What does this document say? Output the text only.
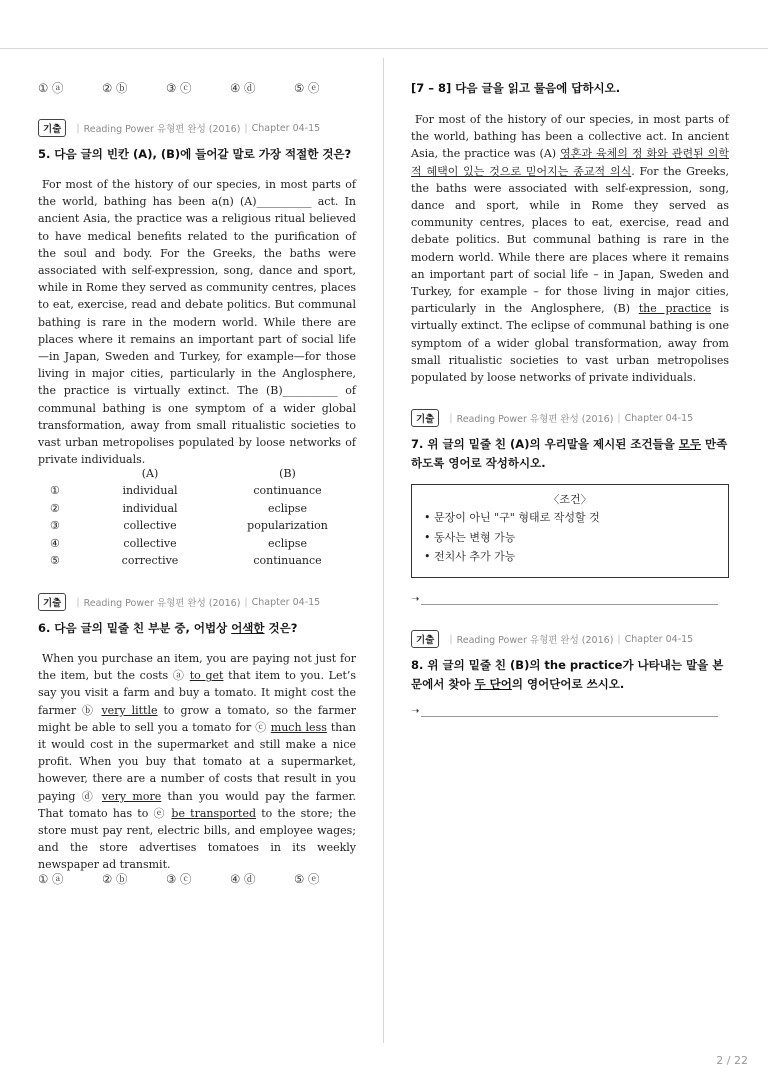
① ⓐ	② ⓑ	③ ⓒ	④ ⓓ	⑤ ⓔ
기출	| Reading Power 유형편 완성 (2016) | Chapter 04-15
5. 다음 글의 빈칸 (A), (B)에 들어갈 말로 가장 적절한 것은?
For most of the history of our species, in most parts of the world, bathing has been a(n) (A)__________ act. In ancient Asia, the practice was a religious ritual believed to have medical benefits related to the purification of the soul and body. For the Greeks, the baths were associated with self-expression, song, dance and sport, while in Rome they served as community centres, places to eat, exercise, read and debate politics. But communal bathing is rare in the modern world. While there are places where it remains an important part of social life—in Japan, Sweden and Turkey, for example—for those living in major cities, particularly in the Anglosphere, the practice is virtually extinct. The (B)__________ of communal bathing is one symptom of a wider global transformation, away from small ritualistic societies to vast urban metropolises populated by loose networks of private individuals.
(A)	(B)
①	individual	continuance
②	individual	eclipse
③	collective	popularization
④	collective	eclipse
⑤	corrective	continuance
기출	| Reading Power 유형편 완성 (2016) | Chapter 04-15
6. 다음 글의 밑줄 친 부분 중, 어법상 어색한 것은?
When you purchase an item, you are paying not just for the item, but the costs ⓐ to get that item to you. Let’s say you visit a farm and buy a tomato. It might cost the farmer ⓑ very little to grow a tomato, so the farmer might be able to sell you a tomato for ⓒ much less than it would cost in the supermarket and still make a nice profit. When you buy that tomato at a supermarket, however, there are a number of costs that result in you paying ⓓ very more than you would pay the farmer. That tomato has to ⓔ be transported to the store; the store must pay rent, electric bills, and employee wages; and the store advertises tomatoes in its weekly newspaper ad transmit.
① ⓐ	② ⓑ	③ ⓒ	④ ⓓ	⑤ ⓔ
[7 – 8] 다음 글을 읽고 물음에 답하시오.
For most of the history of our species, in most parts of the world, bathing has been a collective act. In ancient Asia, the practice was (A) 영혼과 육체의 정 화와 관련된 의학적 혜택이 있는 것으로 믿어지는 종교적 의식. For the Greeks, the baths were associated with self-expression, song, dance and sport, while in Rome they served as community centres, places to eat, exercise, read and debate politics. But communal bathing is rare in the modern world. While there are places where it remains an important part of social life – in Japan, Sweden and Turkey, for example – for those living in major cities, particularly in the Anglosphere, (B) the practice is virtually extinct. The eclipse of communal bathing is one symptom of a wider global transformation, away from small ritualistic societies to vast urban metropolises populated by loose networks of private individuals.
기출	| Reading Power 유형편 완성 (2016) | Chapter 04-15
7. 위 글의 밑줄 친 (A)의 우리말을 제시된 조건들을 모두 만족하도록 영어로 작성하시오.
〈조건〉
• 문장이 아닌 "구" 형태로 작성할 것
• 동사는 변형 가능
• 전치사 추가 가능
➝
기출	| Reading Power 유형편 완성 (2016) | Chapter 04-15
8. 위 글의 밑줄 친 (B)의 the practice가 나타내는 말을 본문에서 찾아 두 단어의 영어단어로 쓰시오.
➝
2 / 22
